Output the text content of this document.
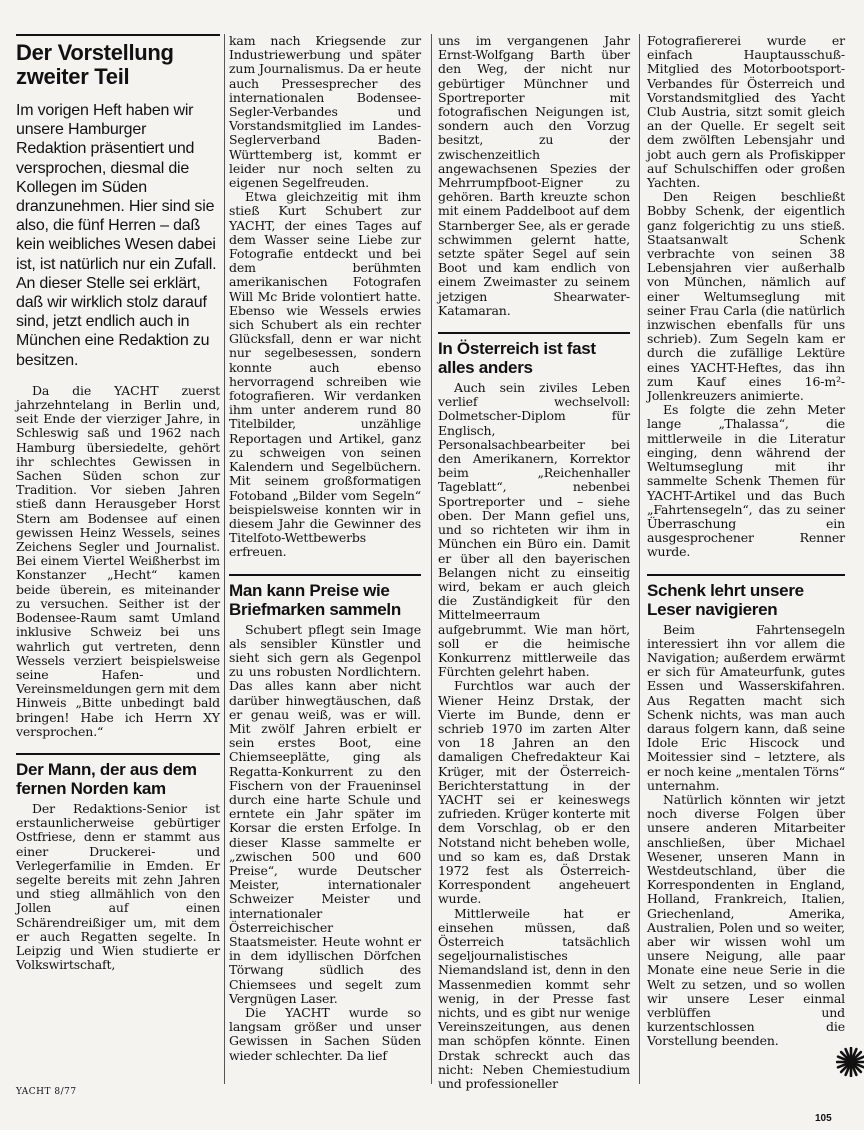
Der Vorstellung zweiter Teil
Im vorigen Heft haben wir unsere Hamburger Redaktion präsentiert und versprochen, diesmal die Kollegen im Süden dranzunehmen. Hier sind sie also, die fünf Herren – daß kein weibliches Wesen dabei ist, ist natürlich nur ein Zufall. An dieser Stelle sei erklärt, daß wir wirklich stolz darauf sind, jetzt endlich auch in München eine Redaktion zu besitzen.

Da die YACHT zuerst jahrzehntelang in Berlin und, seit Ende der vierziger Jahre, in Schleswig saß und 1962 nach Hamburg übersiedelte, gehört ihr schlechtes Gewissen in Sachen Süden schon zur Tradition. Vor sieben Jahren stieß dann Herausgeber Horst Stern am Bodensee auf einen gewissen Heinz Wessels, seines Zeichens Segler und Journalist. Bei einem Viertel Weißherbst im Konstanzer „Hecht“ kamen beide überein, es miteinander zu versuchen. Seither ist der Bodensee-Raum samt Umland inklusive Schweiz bei uns wahrlich gut vertreten, denn Wessels verziert beispielsweise seine Hafen- und Vereinsmeldungen gern mit dem Hinweis „Bitte unbedingt bald bringen! Habe ich Herrn XY versprochen.“

Der Mann, der aus dem fernen Norden kam

Der Redaktions-Senior ist erstaunlicherweise gebürtiger Ostfriese, denn er stammt aus einer Druckerei- und Verlegerfamilie in Emden. Er segelte bereits mit zehn Jahren und stieg allmählich von den Jollen auf einen Schärendreißiger um, mit dem er auch Regatten segelte. In Leipzig und Wien studierte er Volkswirtschaft,

kam nach Kriegsende zur Industriewerbung und später zum Journalismus. Da er heute auch Pressesprecher des internationalen Bodensee-Segler-Verbandes und Vorstandsmitglied im Landes-Seglerverband Baden-Württemberg ist, kommt er leider nur noch selten zu eigenen Segelfreuden.

Etwa gleichzeitig mit ihm stieß Kurt Schubert zur YACHT, der eines Tages auf dem Wasser seine Liebe zur Fotografie entdeckt und bei dem berühmten amerikanischen Fotografen Will Mc Bride volontiert hatte. Ebenso wie Wessels erwies sich Schubert als ein rechter Glücksfall, denn er war nicht nur segelbesessen, sondern konnte auch ebenso hervorragend schreiben wie fotografieren. Wir verdanken ihm unter anderem rund 80 Titelbilder, unzählige Reportagen und Artikel, ganz zu schweigen von seinen Kalendern und Segelbüchern. Mit seinem großformatigen Fotoband „Bilder vom Segeln“ beispielsweise konnten wir in diesem Jahr die Gewinner des Titelfoto-Wettbewerbs erfreuen.

Man kann Preise wie Briefmarken sammeln

Schubert pflegt sein Image als sensibler Künstler und sieht sich gern als Gegenpol zu uns robusten Nordlichtern. Das alles kann aber nicht darüber hinwegtäuschen, daß er genau weiß, was er will. Mit zwölf Jahren erbielt er sein erstes Boot, eine Chiemseeplätte, ging als Regatta-Konkurrent zu den Fischern von der Fraueninsel durch eine harte Schule und erntete ein Jahr später im Korsar die ersten Erfolge. In dieser Klasse sammelte er „zwischen 500 und 600 Preise“, wurde Deutscher Meister, internationaler Schweizer Meister und internationaler Österreichischer Staatsmeister. Heute wohnt er in dem idyllischen Dörfchen Törwang südlich des Chiemsees und segelt zum Vergnügen Laser.

Die YACHT wurde so langsam größer und unser Gewissen in Sachen Süden wieder schlechter. Da lief

uns im vergangenen Jahr Ernst-Wolfgang Barth über den Weg, der nicht nur gebürtiger Münchner und Sportreporter mit fotografischen Neigungen ist, sondern auch den Vorzug besitzt, zu der zwischenzeitlich angewachsenen Spezies der Mehrrumpfboot-Eigner zu gehören. Barth kreuzte schon mit einem Paddelboot auf dem Starnberger See, als er gerade schwimmen gelernt hatte, setzte später Segel auf sein Boot und kam endlich von einem Zweimaster zu seinem jetzigen Shearwater-Katamaran.

In Österreich ist fast alles anders

Auch sein ziviles Leben verlief wechselvoll: Dolmetscher-Diplom für Englisch, Personalsachbearbeiter bei den Amerikanern, Korrektor beim „Reichenhaller Tageblatt“, nebenbei Sportreporter und – siehe oben. Der Mann gefiel uns, und so richteten wir ihm in München ein Büro ein. Damit er über all den bayerischen Belangen nicht zu einseitig wird, bekam er auch gleich die Zuständigkeit für den Mittelmeerraum aufgebrummt. Wie man hört, soll er die heimische Konkurrenz mittlerweile das Fürchten gelehrt haben.

Furchtlos war auch der Wiener Heinz Drstak, der Vierte im Bunde, denn er schrieb 1970 im zarten Alter von 18 Jahren an den damaligen Chefredakteur Kai Krüger, mit der Österreich-Berichterstattung in der YACHT sei er keineswegs zufrieden. Krüger konterte mit dem Vorschlag, ob er den Notstand nicht beheben wolle, und so kam es, daß Drstak 1972 fest als Österreich-Korrespondent angeheuert wurde.

Mittlerweile hat er einsehen müssen, daß Österreich tatsächlich segeljournalistisches Niemandsland ist, denn in den Massenmedien kommt sehr wenig, in der Presse fast nichts, und es gibt nur wenige Vereinszeitungen, aus denen man schöpfen könnte. Einen Drstak schreckt auch das nicht: Neben Chemiestudium und professioneller

Fotografiererei wurde er einfach Hauptausschuß-Mitglied des Motorbootsport-Verbandes für Österreich und Vorstandsmitglied des Yacht Club Austria, sitzt somit gleich an der Quelle. Er segelt seit dem zwölften Lebensjahr und jobt auch gern als Profiskipper auf Schulschiffen oder großen Yachten.

Den Reigen beschließt Bobby Schenk, der eigentlich ganz folgerichtig zu uns stieß. Staatsanwalt Schenk verbrachte von seinen 38 Lebensjahren vier außerhalb von München, nämlich auf einer Weltumseglung mit seiner Frau Carla (die natürlich inzwischen ebenfalls für uns schrieb). Zum Segeln kam er durch die zufällige Lektüre eines YACHT-Heftes, das ihn zum Kauf eines 16-m²-Jollenkreuzers animierte.

Es folgte die zehn Meter lange „Thalassa“, die mittlerweile in die Literatur einging, denn während der Weltumseglung mit ihr sammelte Schenk Themen für YACHT-Artikel und das Buch „Fahrtensegeln“, das zu seiner Überraschung ein ausgesprochener Renner wurde.

Schenk lehrt unsere Leser navigieren

Beim Fahrtensegeln interessiert ihn vor allem die Navigation; außerdem erwärmt er sich für Amateurfunk, gutes Essen und Wasserskifahren. Aus Regatten macht sich Schenk nichts, was man auch daraus folgern kann, daß seine Idole Eric Hiscock und Moitessier sind – letztere, als er noch keine „mentalen Törns“ unternahm.

Natürlich könnten wir jetzt noch diverse Folgen über unsere anderen Mitarbeiter anschließen, über Michael Wesener, unseren Mann in Westdeutschland, über die Korrespondenten in England, Holland, Frankreich, Italien, Griechenland, Amerika, Australien, Polen und so weiter, aber wir wissen wohl um unsere Neigung, alle paar Monate eine neue Serie in die Welt zu setzen, und so wollen wir unsere Leser einmal verblüffen und kurzentschlossen die Vorstellung beenden.

YACHT 8/77
105
